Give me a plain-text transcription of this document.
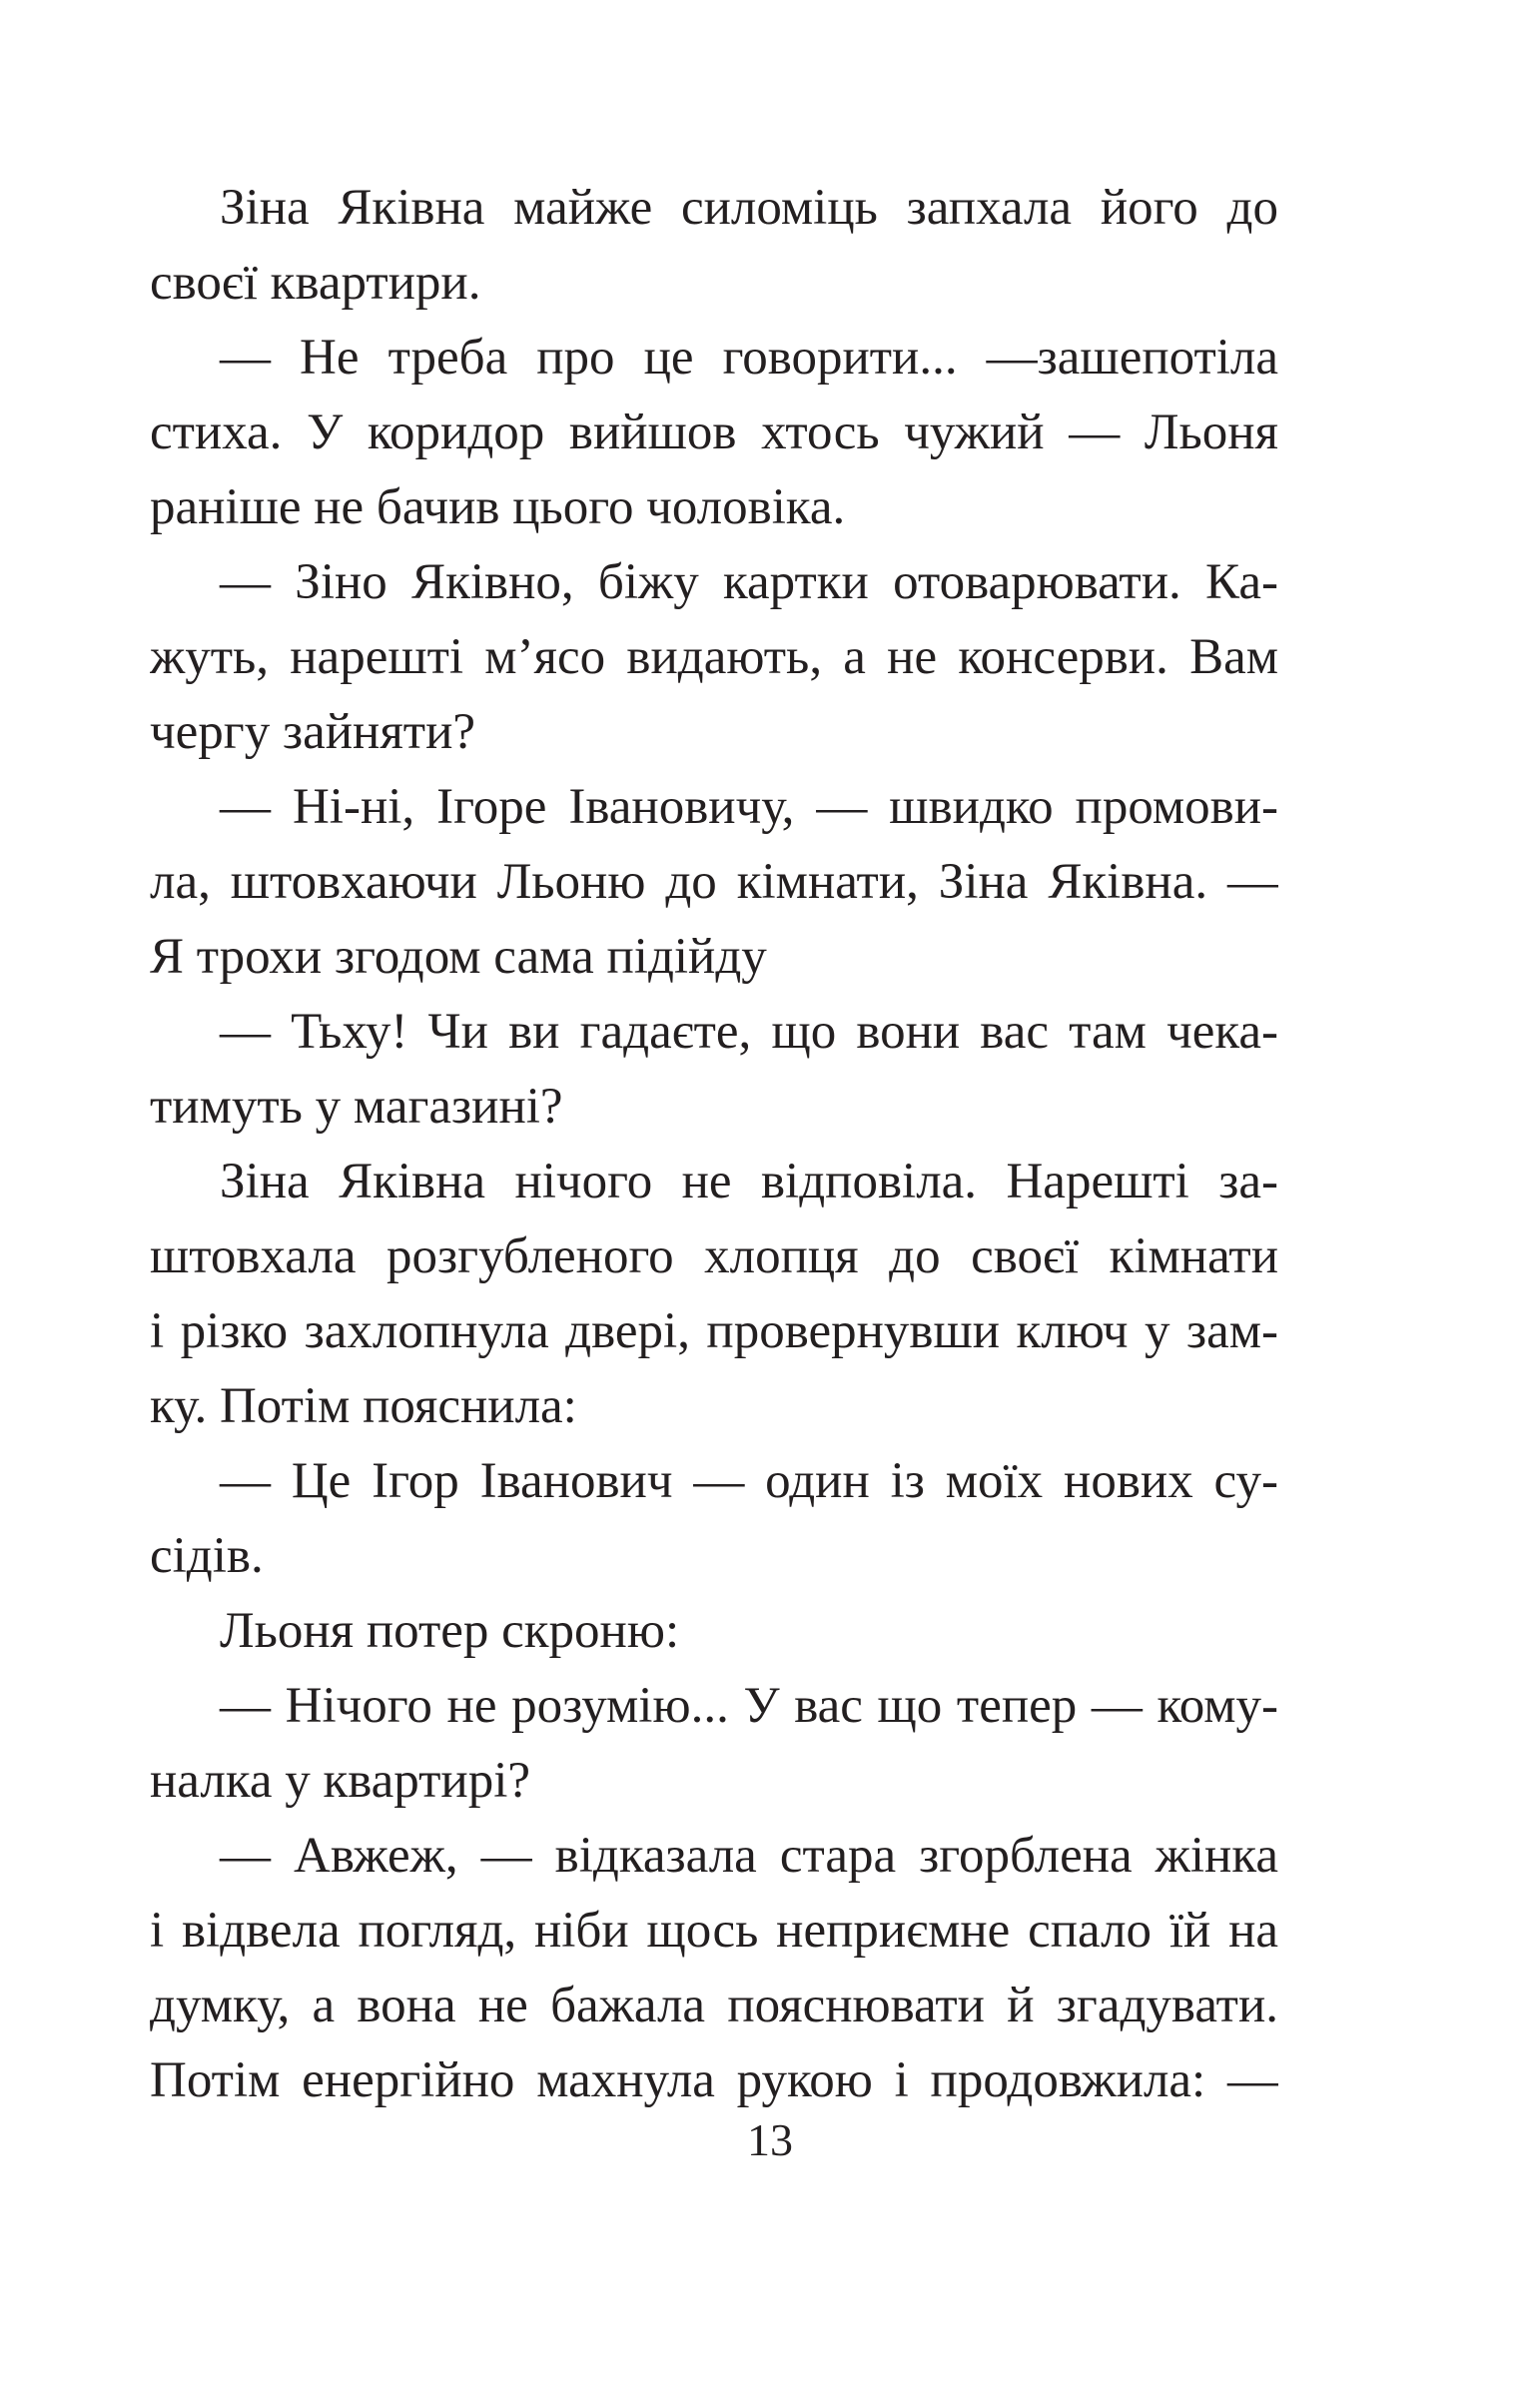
Зіна Яківна майже силоміць запхала його до
своєї квартири.
— Не треба про це говорити... —зашепотіла
стиха. У коридор вийшов хтось чужий — Льоня
раніше не бачив цього чоловіка.
— Зіно Яківно, біжу картки отоварювати. Ка-
жуть, нарешті м’ясо видають, а не консерви. Вам
чергу зайняти?
— Ні-ні, Ігоре Івановичу, — швидко промови-
ла, штовхаючи Льоню до кімнати, Зіна Яківна. —
Я трохи згодом сама підійду
— Тьху! Чи ви гадаєте, що вони вас там чека-
тимуть у магазині?
Зіна Яківна нічого не відповіла. Нарешті за-
штовхала розгубленого хлопця до своєї кімнати
і різко захлопнула двері, провернувши ключ у зам-
ку. Потім пояснила:
— Це Ігор Іванович — один із моїх нових су-
сідів.
Льоня потер скроню:
— Нічого не розумію... У вас що тепер — кому-
налка у квартирі?
— Авжеж, — відказала стара згорблена жінка
і відвела погляд, ніби щось неприємне спало їй на
думку, а вона не бажала пояснювати й згадувати.
Потім енергійно махнула рукою і продовжила: —
13
